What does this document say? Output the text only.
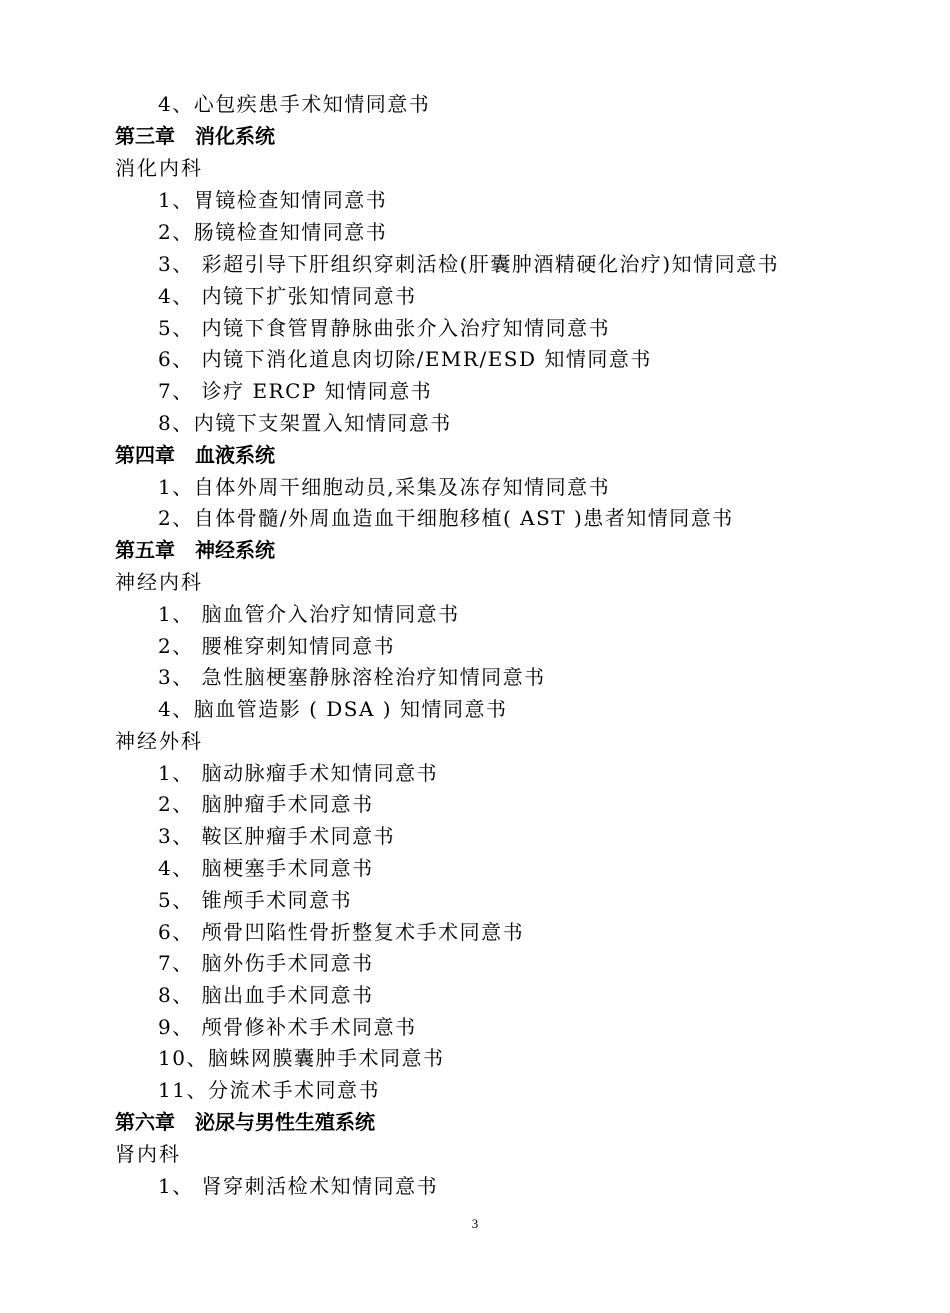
4、心包疾患手术知情同意书
第三章　消化系统
消化内科
1、胃镜检查知情同意书
2、肠镜检查知情同意书
3、 彩超引导下肝组织穿刺活检(肝囊肿酒精硬化治疗)知情同意书
4、 内镜下扩张知情同意书
5、 内镜下食管胃静脉曲张介入治疗知情同意书
6、 内镜下消化道息肉切除/EMR/ESD 知情同意书
7、 诊疗 ERCP 知情同意书
8、内镜下支架置入知情同意书
第四章　血液系统
1、自体外周干细胞动员,采集及冻存知情同意书
2、自体骨髓/外周血造血干细胞移植( AST )患者知情同意书
第五章　神经系统
神经内科
1、 脑血管介入治疗知情同意书
2、 腰椎穿刺知情同意书
3、 急性脑梗塞静脉溶栓治疗知情同意书
4、脑血管造影 ( DSA ) 知情同意书
神经外科
1、 脑动脉瘤手术知情同意书
2、 脑肿瘤手术同意书
3、 鞍区肿瘤手术同意书
4、 脑梗塞手术同意书
5、 锥颅手术同意书
6、 颅骨凹陷性骨折整复术手术同意书
7、 脑外伤手术同意书
8、 脑出血手术同意书
9、 颅骨修补术手术同意书
10、脑蛛网膜囊肿手术同意书
11、分流术手术同意书
第六章　泌尿与男性生殖系统
肾内科
1、 肾穿刺活检术知情同意书
3
